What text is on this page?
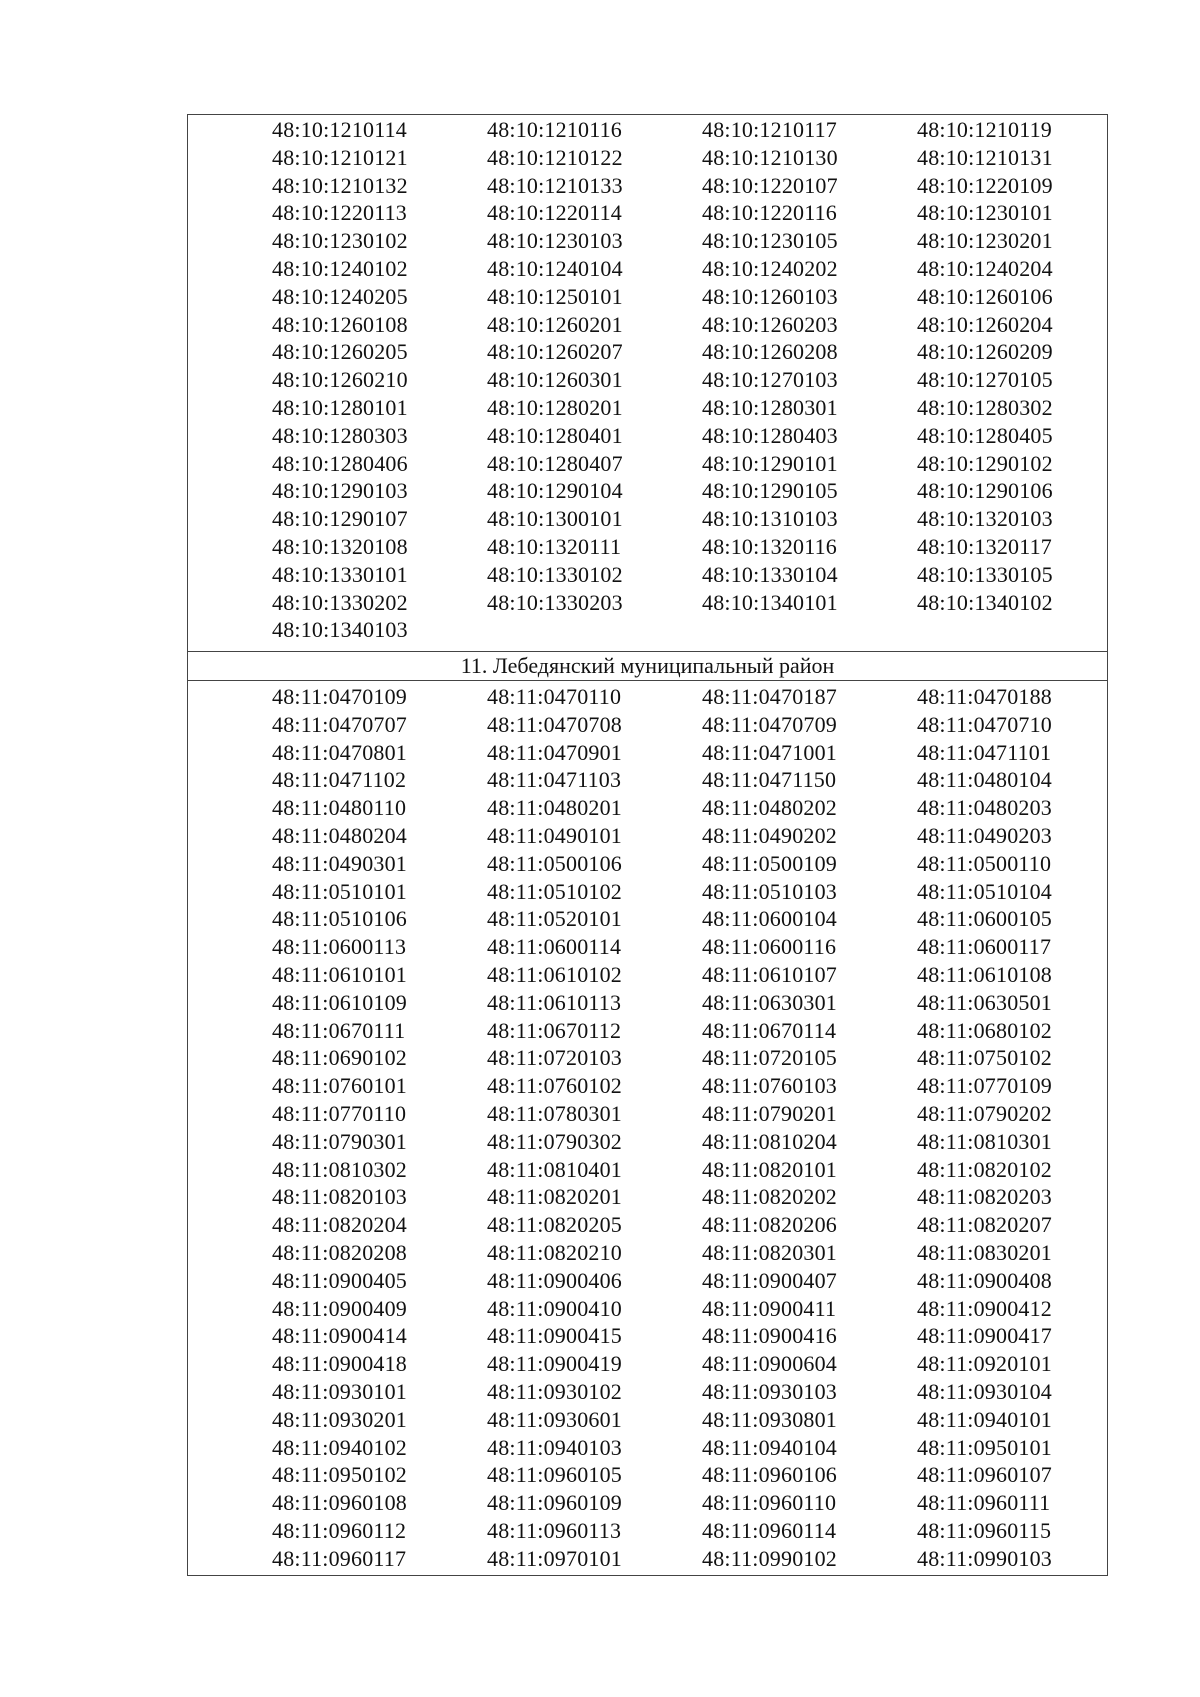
48:10:1210114	48:10:1210116	48:10:1210117	48:10:1210119
48:10:1210121	48:10:1210122	48:10:1210130	48:10:1210131
48:10:1210132	48:10:1210133	48:10:1220107	48:10:1220109
48:10:1220113	48:10:1220114	48:10:1220116	48:10:1230101
48:10:1230102	48:10:1230103	48:10:1230105	48:10:1230201
48:10:1240102	48:10:1240104	48:10:1240202	48:10:1240204
48:10:1240205	48:10:1250101	48:10:1260103	48:10:1260106
48:10:1260108	48:10:1260201	48:10:1260203	48:10:1260204
48:10:1260205	48:10:1260207	48:10:1260208	48:10:1260209
48:10:1260210	48:10:1260301	48:10:1270103	48:10:1270105
48:10:1280101	48:10:1280201	48:10:1280301	48:10:1280302
48:10:1280303	48:10:1280401	48:10:1280403	48:10:1280405
48:10:1280406	48:10:1280407	48:10:1290101	48:10:1290102
48:10:1290103	48:10:1290104	48:10:1290105	48:10:1290106
48:10:1290107	48:10:1300101	48:10:1310103	48:10:1320103
48:10:1320108	48:10:1320111	48:10:1320116	48:10:1320117
48:10:1330101	48:10:1330102	48:10:1330104	48:10:1330105
48:10:1330202	48:10:1330203	48:10:1340101	48:10:1340102
48:10:1340103
11. Лебедянский муниципальный район
48:11:0470109	48:11:0470110	48:11:0470187	48:11:0470188
48:11:0470707	48:11:0470708	48:11:0470709	48:11:0470710
48:11:0470801	48:11:0470901	48:11:0471001	48:11:0471101
48:11:0471102	48:11:0471103	48:11:0471150	48:11:0480104
48:11:0480110	48:11:0480201	48:11:0480202	48:11:0480203
48:11:0480204	48:11:0490101	48:11:0490202	48:11:0490203
48:11:0490301	48:11:0500106	48:11:0500109	48:11:0500110
48:11:0510101	48:11:0510102	48:11:0510103	48:11:0510104
48:11:0510106	48:11:0520101	48:11:0600104	48:11:0600105
48:11:0600113	48:11:0600114	48:11:0600116	48:11:0600117
48:11:0610101	48:11:0610102	48:11:0610107	48:11:0610108
48:11:0610109	48:11:0610113	48:11:0630301	48:11:0630501
48:11:0670111	48:11:0670112	48:11:0670114	48:11:0680102
48:11:0690102	48:11:0720103	48:11:0720105	48:11:0750102
48:11:0760101	48:11:0760102	48:11:0760103	48:11:0770109
48:11:0770110	48:11:0780301	48:11:0790201	48:11:0790202
48:11:0790301	48:11:0790302	48:11:0810204	48:11:0810301
48:11:0810302	48:11:0810401	48:11:0820101	48:11:0820102
48:11:0820103	48:11:0820201	48:11:0820202	48:11:0820203
48:11:0820204	48:11:0820205	48:11:0820206	48:11:0820207
48:11:0820208	48:11:0820210	48:11:0820301	48:11:0830201
48:11:0900405	48:11:0900406	48:11:0900407	48:11:0900408
48:11:0900409	48:11:0900410	48:11:0900411	48:11:0900412
48:11:0900414	48:11:0900415	48:11:0900416	48:11:0900417
48:11:0900418	48:11:0900419	48:11:0900604	48:11:0920101
48:11:0930101	48:11:0930102	48:11:0930103	48:11:0930104
48:11:0930201	48:11:0930601	48:11:0930801	48:11:0940101
48:11:0940102	48:11:0940103	48:11:0940104	48:11:0950101
48:11:0950102	48:11:0960105	48:11:0960106	48:11:0960107
48:11:0960108	48:11:0960109	48:11:0960110	48:11:0960111
48:11:0960112	48:11:0960113	48:11:0960114	48:11:0960115
48:11:0960117	48:11:0970101	48:11:0990102	48:11:0990103
